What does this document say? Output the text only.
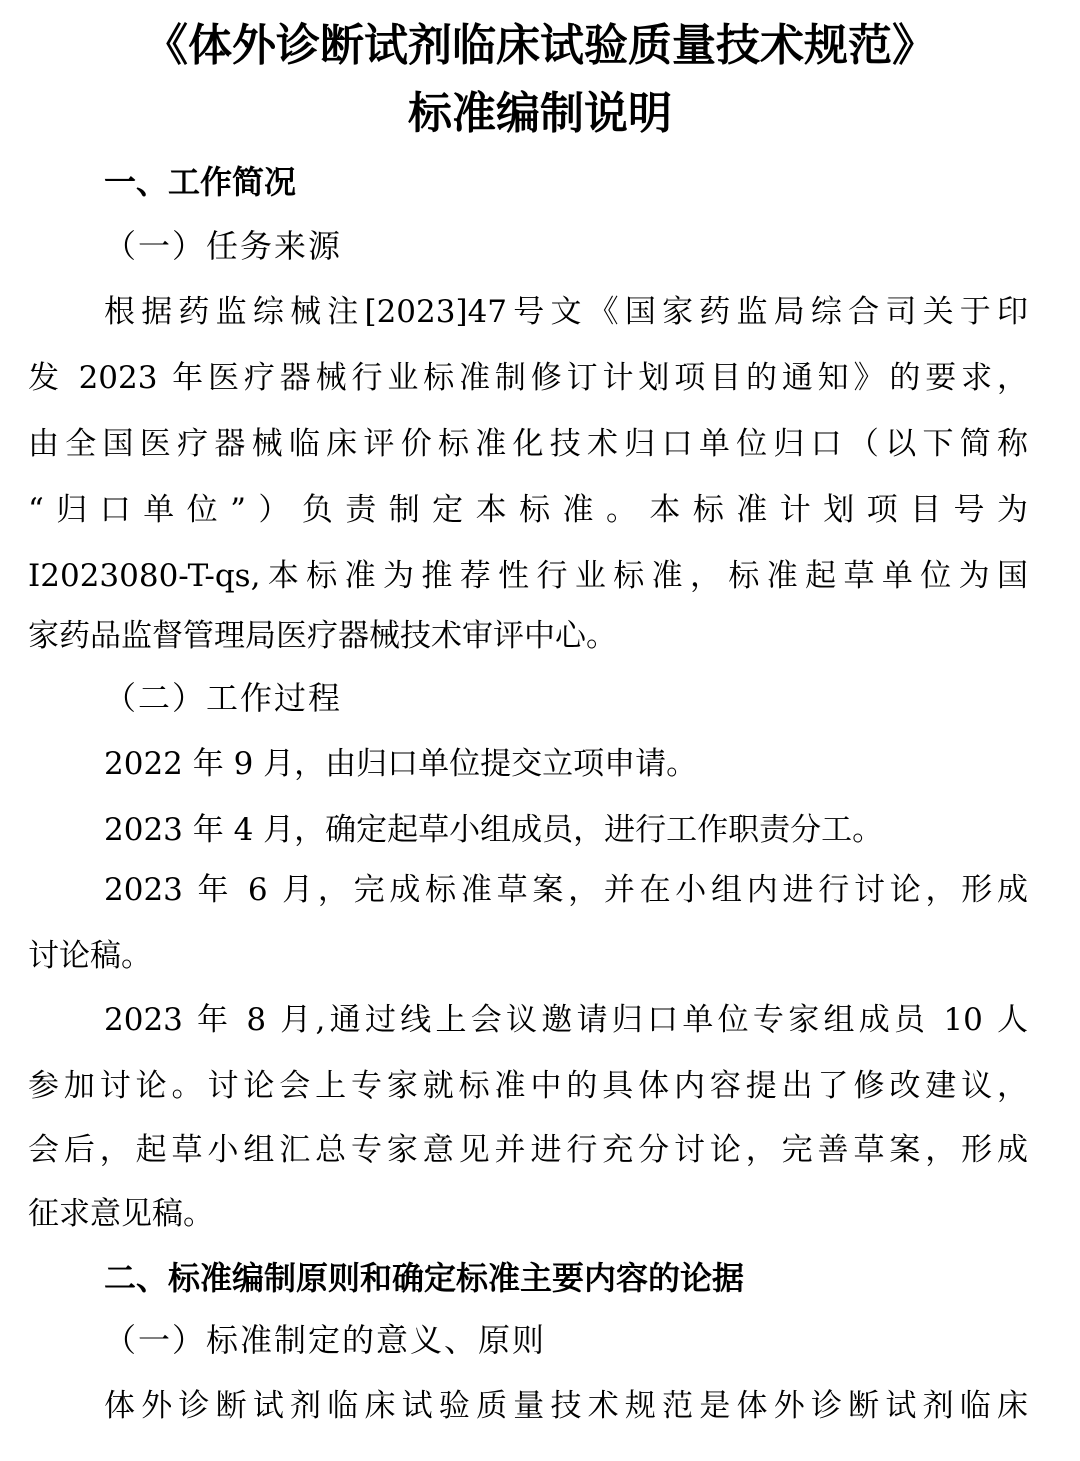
《体外诊断试剂临床试验质量技术规范》
标准编制说明
一、工作简况
（一）任务来源
根据药监综械注[2023]47号文《国家药监局综合司关于印
发 2023 年医疗器械行业标准制修订计划项目的通知》的要求，
由全国医疗器械临床评价标准化技术归口单位归口（以下简称
“归口单位”）负责制定本标准。本标准计划项目号为
I2023080-T-qs,本标准为推荐性行业标准，标准起草单位为国
家药品监督管理局医疗器械技术审评中心。
（二）工作过程
2022 年 9 月，由归口单位提交立项申请。
2023 年 4 月，确定起草小组成员，进行工作职责分工。
2023 年 6 月，完成标准草案，并在小组内进行讨论，形成
讨论稿。
2023 年 8 月,通过线上会议邀请归口单位专家组成员 10 人
参加讨论。讨论会上专家就标准中的具体内容提出了修改建议，
会后，起草小组汇总专家意见并进行充分讨论，完善草案，形成
征求意见稿。
二、标准编制原则和确定标准主要内容的论据
（一）标准制定的意义、原则
体外诊断试剂临床试验质量技术规范是体外诊断试剂临床
